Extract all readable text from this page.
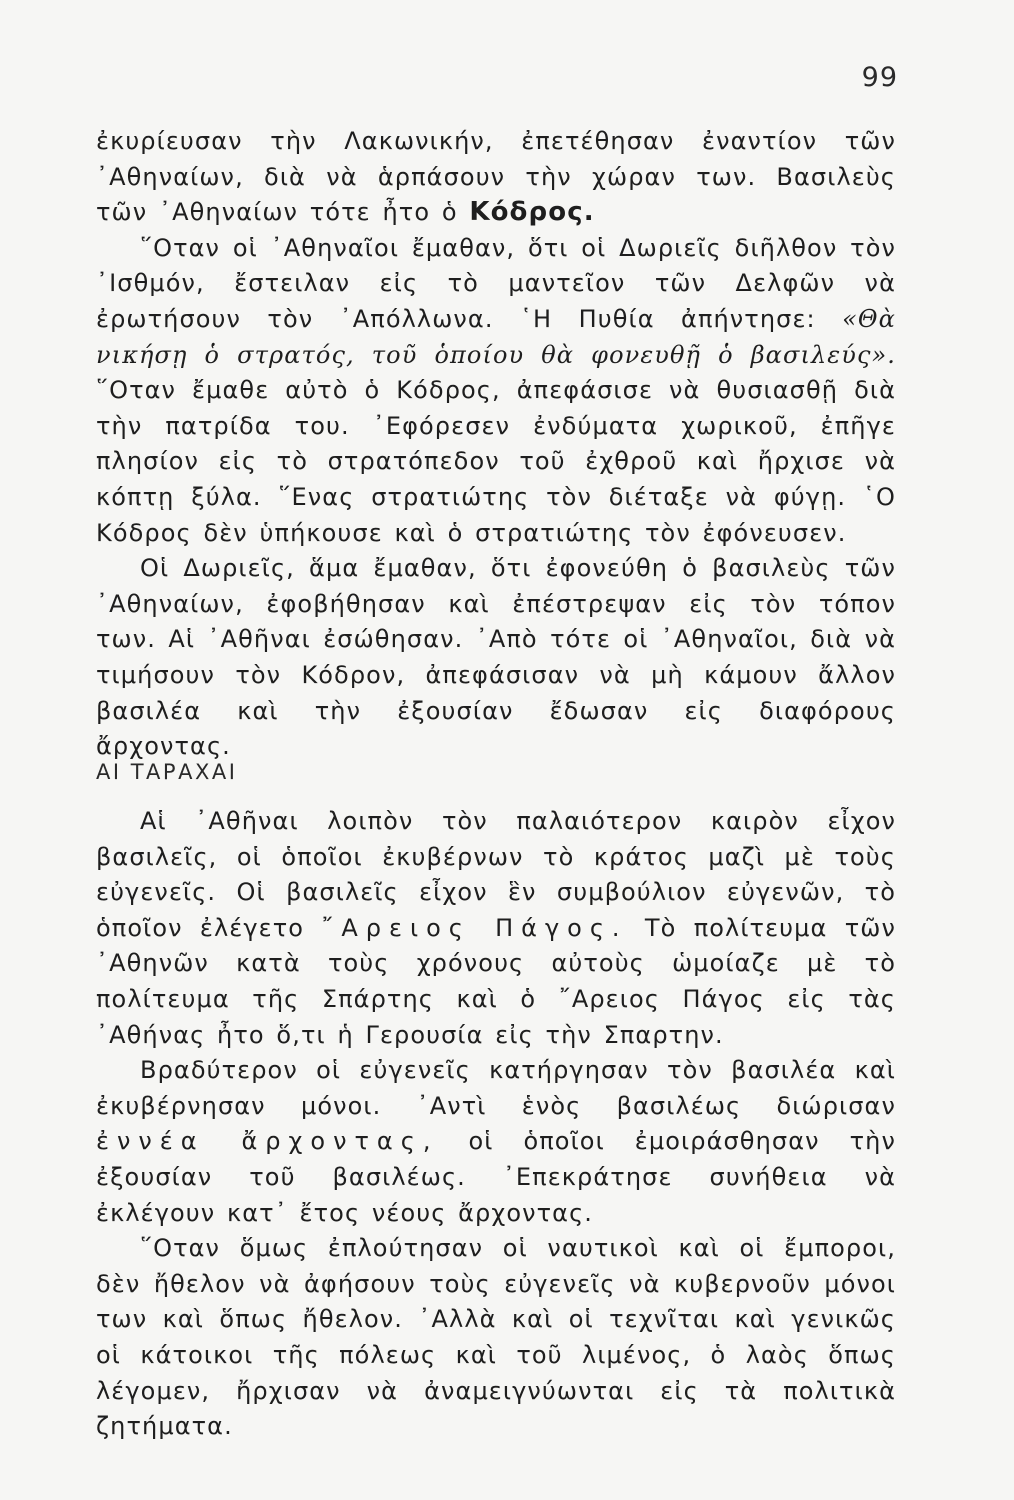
99

ἐκυρίευσαν τὴν Λακωνικήν, ἐπετέθησαν ἐναντίον τῶν ᾿Αθηναίων, διὰ νὰ ἁρπάσουν τὴν χώραν των. Βασιλεὺς τῶν ᾿Αθηναίων τότε ἦτο ὁ Κόδρος.

῞Οταν οἱ ᾿Αθηναῖοι ἔμαθαν, ὅτι οἱ Δωριεῖς διῆλθον τὸν ᾿Ισθμόν, ἔστειλαν εἰς τὸ μαντεῖον τῶν Δελφῶν νὰ ἐρωτήσουν τὸν ᾿Απόλλωνα. ῾Η Πυθία ἀπήντησε: «Θὰ νικήσῃ ὁ στρατός, τοῦ ὁποίου θὰ φονευθῇ ὁ βασιλεύς». ῞Οταν ἔμαθε αὐτὸ ὁ Κόδρος, ἀπεφάσισε νὰ θυσιασθῇ διὰ τὴν πατρίδα του. ᾿Εφόρεσεν ἐνδύματα χωρικοῦ, ἐπῆγε πλησίον εἰς τὸ στρατόπεδον τοῦ ἐχθροῦ καὶ ἤρχισε νὰ κόπτῃ ξύλα. ῞Ενας στρατιώτης τὸν διέταξε νὰ φύγῃ. ῾Ο Κόδρος δὲν ὑπήκουσε καὶ ὁ στρατιώτης τὸν ἐφόνευσεν.

Οἱ Δωριεῖς, ἅμα ἔμαθαν, ὅτι ἐφονεύθη ὁ βασιλεὺς τῶν ᾿Αθηναίων, ἐφοβήθησαν καὶ ἐπέστρεψαν εἰς τὸν τόπον των. Αἱ ᾿Αθῆναι ἐσώθησαν. ᾿Απὸ τότε οἱ ᾿Αθηναῖοι, διὰ νὰ τιμήσουν τὸν Κόδρον, ἀπεφάσισαν νὰ μὴ κάμουν ἄλλον βασιλέα καὶ τὴν ἐξουσίαν ἔδωσαν εἰς διαφόρους ἄρχοντας.

ΑΙ ΤΑΡΑΧΑΙ

Αἱ ᾿Αθῆναι λοιπὸν τὸν παλαιότερον καιρὸν εἶχον βασιλεῖς, οἱ ὁποῖοι ἐκυβέρνων τὸ κράτος μαζὶ μὲ τοὺς εὐγενεῖς. Οἱ βασιλεῖς εἶχον ἓν συμβούλιον εὐγενῶν, τὸ ὁποῖον ἐλέγετο ῎Αρειος Πάγος. Τὸ πολίτευμα τῶν ᾿Αθηνῶν κατὰ τοὺς χρόνους αὐτοὺς ὡμοίαζε μὲ τὸ πολίτευμα τῆς Σπάρτης καὶ ὁ ῎Αρειος Πάγος εἰς τὰς ᾿Αθήνας ἦτο ὅ,τι ἡ Γερουσία εἰς τὴν Σπαρτην.

Βραδύτερον οἱ εὐγενεῖς κατήργησαν τὸν βασιλέα καὶ ἐκυβέρνησαν μόνοι. ᾿Αντὶ ἑνὸς βασιλέως διώρισαν ἐννέα ἄρχοντας, οἱ ὁποῖοι ἐμοιράσθησαν τὴν ἐξουσίαν τοῦ βασιλέως. ᾿Επεκράτησε συνήθεια νὰ ἐκλέγουν κατ᾿ ἔτος νέους ἄρχοντας.

῞Οταν ὅμως ἐπλούτησαν οἱ ναυτικοὶ καὶ οἱ ἔμποροι, δὲν ἤθελον νὰ ἀφήσουν τοὺς εὐγενεῖς νὰ κυβερνοῦν μόνοι των καὶ ὅπως ἤθελον. ᾿Αλλὰ καὶ οἱ τεχνῖται καὶ γενικῶς οἱ κάτοικοι τῆς πόλεως καὶ τοῦ λιμένος, ὁ λαὸς ὅπως λέγομεν, ἤρχισαν νὰ ἀναμειγνύωνται εἰς τὰ πολιτικὰ ζητήματα.
